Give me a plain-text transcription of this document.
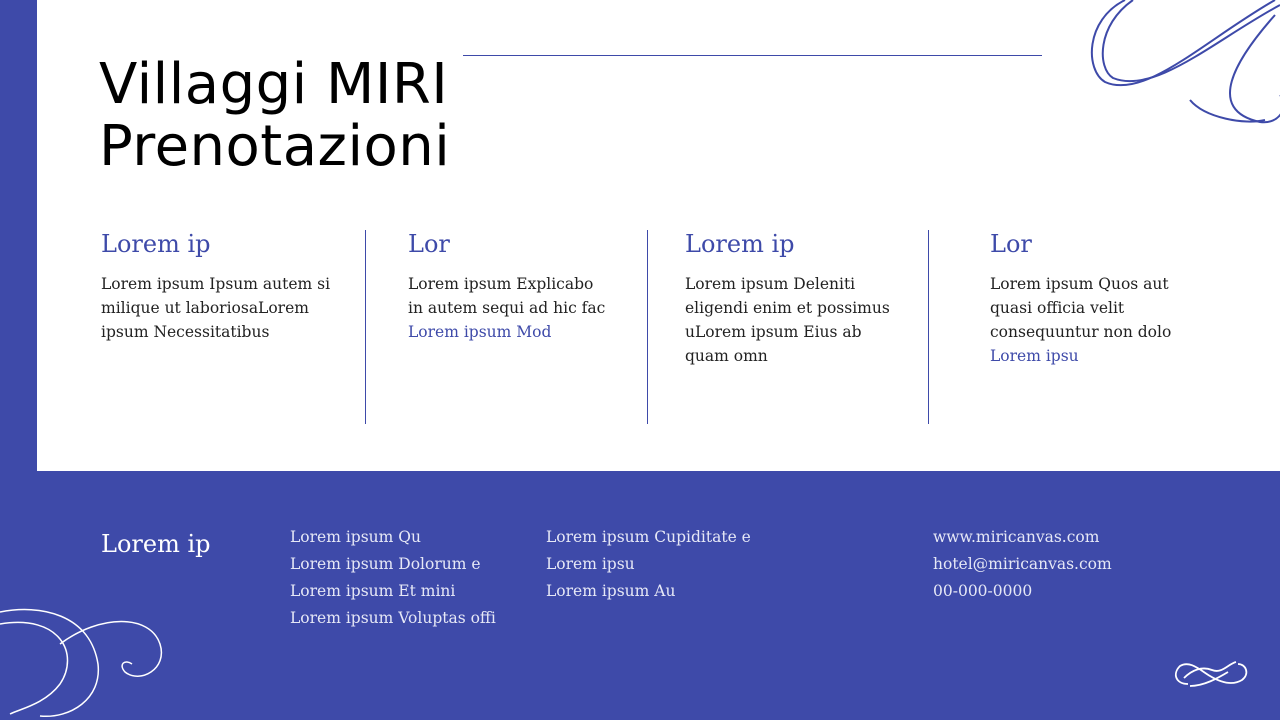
Villaggi MIRI
Prenotazioni
Lorem ip
Lorem ipsum Ipsum autem si milique ut laboriosaLorem ipsum Necessitatibus
Lor
Lorem ipsum Explicabo in autem sequi ad hic fac
Lorem ipsum Mod
Lorem ip
Lorem ipsum Deleniti eligendi enim et possimus uLorem ipsum Eius ab quam omn
Lor
Lorem ipsum Quos aut quasi officia velit consequuntur non dolo
Lorem ipsu
Lorem ip	Lorem ipsum Qu
Lorem ipsum Dolorum e
Lorem ipsum Et mini
Lorem ipsum Voluptas offi
Lorem ipsum Cupiditate e
Lorem ipsu
Lorem ipsum Au
www.miricanvas.com
hotel@miricanvas.com
00-000-0000
